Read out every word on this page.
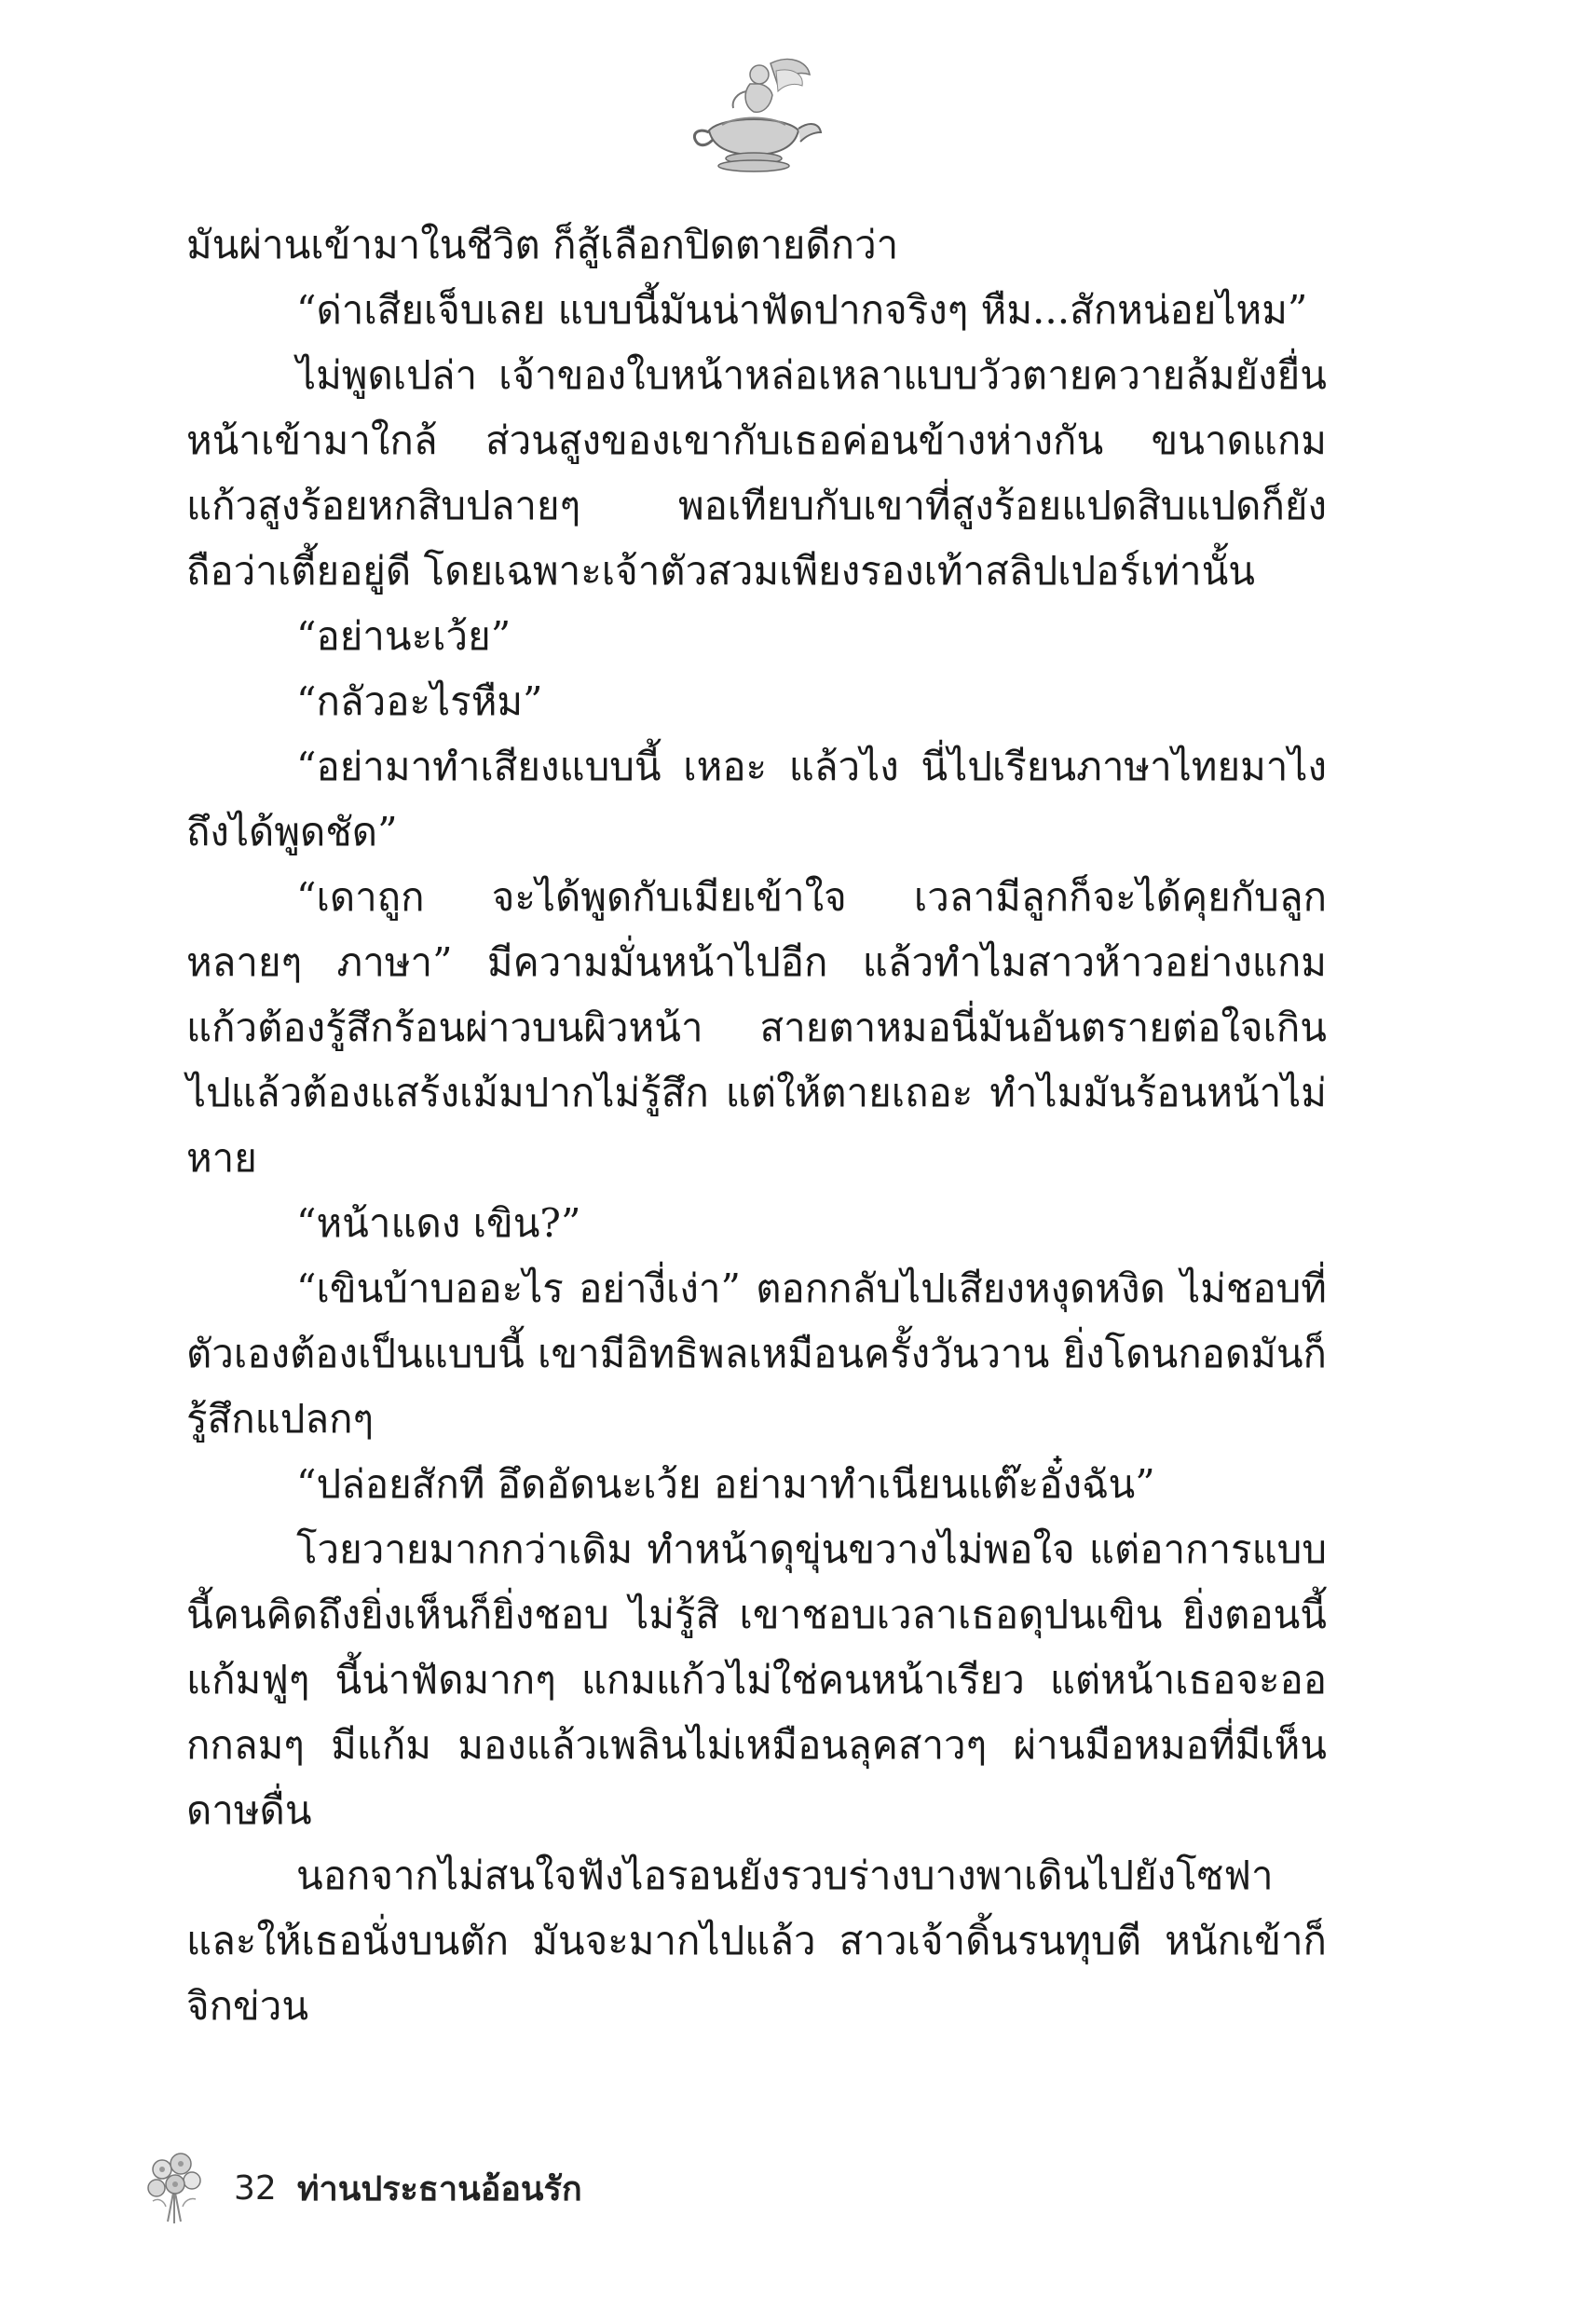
มันผ่านเข้ามาในชีวิต ก็สู้เลือกปิดตายดีกว่า

“ด่าเสียเจ็บเลย แบบนี้มันน่าฟัดปากจริงๆ หืม...สักหน่อยไหม”

ไม่พูดเปล่า เจ้าของใบหน้าหล่อเหลาแบบวัวตายควายล้มยังยื่นหน้าเข้ามาใกล้ ส่วนสูงของเขากับเธอค่อนข้างห่างกัน ขนาดแกมแก้วสูงร้อยหกสิบปลายๆ พอเทียบกับเขาที่สูงร้อยแปดสิบแปดก็ยังถือว่าเตี้ยอยู่ดี โดยเฉพาะเจ้าตัวสวมเพียงรองเท้าสลิปเปอร์เท่านั้น

“อย่านะเว้ย”

“กลัวอะไรหืม”

“อย่ามาทำเสียงแบบนี้ เหอะ แล้วไง นี่ไปเรียนภาษาไทยมาไงถึงได้พูดชัด”

“เดาถูก จะได้พูดกับเมียเข้าใจ เวลามีลูกก็จะได้คุยกับลูกหลายๆ ภาษา” มีความมั่นหน้าไปอีก แล้วทำไมสาวห้าวอย่างแกมแก้วต้องรู้สึกร้อนผ่าวบนผิวหน้า สายตาหมอนี่มันอันตรายต่อใจเกินไปแล้วต้องแสร้งเม้มปากไม่รู้สึก แต่ให้ตายเถอะ ทำไมมันร้อนหน้าไม่หาย

“หน้าแดง เขิน?”

“เขินบ้าบออะไร อย่างี่เง่า” ตอกกลับไปเสียงหงุดหงิด ไม่ชอบที่ตัวเองต้องเป็นแบบนี้ เขามีอิทธิพลเหมือนครั้งวันวาน ยิ่งโดนกอดมันก็รู้สึกแปลกๆ

“ปล่อยสักที อึดอัดนะเว้ย อย่ามาทำเนียนแต๊ะอั๋งฉัน”

โวยวายมากกว่าเดิม ทำหน้าดุขุ่นขวางไม่พอใจ แต่อาการแบบนี้คนคิดถึงยิ่งเห็นก็ยิ่งชอบ ไม่รู้สิ เขาชอบเวลาเธอดุปนเขิน ยิ่งตอนนี้แก้มฟูๆ นี้น่าฟัดมากๆ แกมแก้วไม่ใช่คนหน้าเรียว แต่หน้าเธอจะออกกลมๆ มีแก้ม มองแล้วเพลินไม่เหมือนลุคสาวๆ ผ่านมือหมอที่มีเห็นดาษดื่น

นอกจากไม่สนใจฟังไอรอนยังรวบร่างบางพาเดินไปยังโซฟาและให้เธอนั่งบนตัก มันจะมากไปแล้ว สาวเจ้าดิ้นรนทุบตี หนักเข้าก็จิกข่วน

32 ท่านประธานอ้อนรัก
